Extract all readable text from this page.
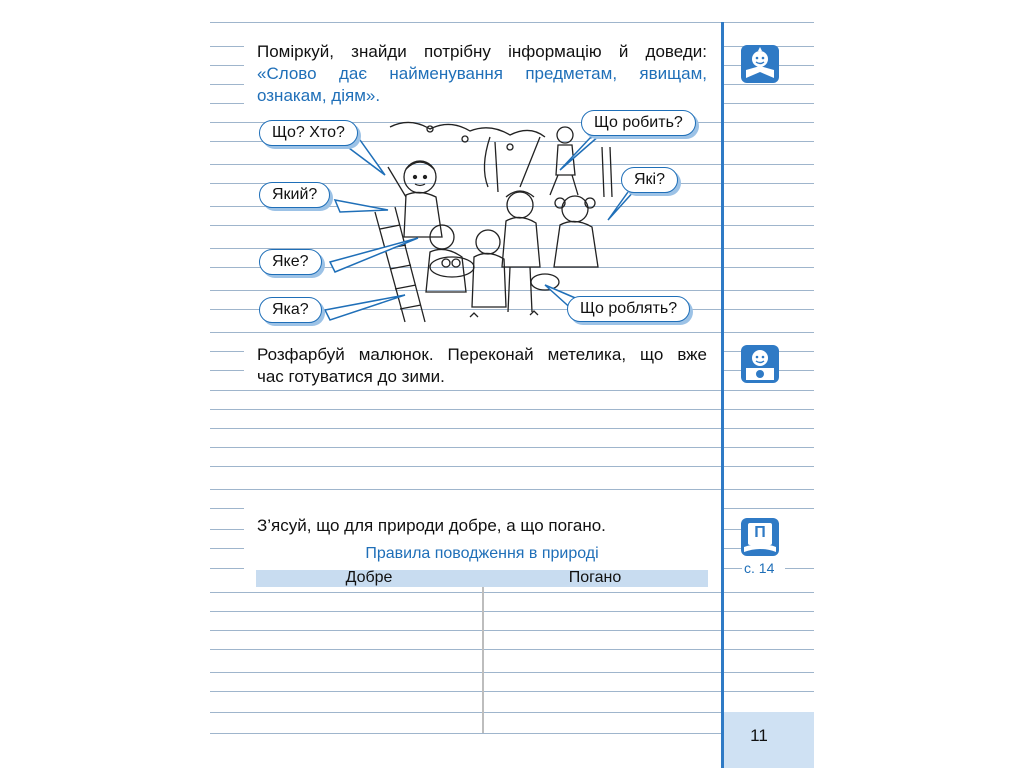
Поміркуй, знайди потрібну інформацію й доведи:
«Слово дає найменування предметам, явищам,
ознакам, діям».
Що? Хто?
Що робить?
Який?
Які?
Яке?
Яка?	Що роблять?
Розфарбуй малюнок. Переконай метелика, що вже
час готуватися до зими.
З’ясуй, що для природи добре, а що погано.	П
с. 14
Правила поводження в природі
Добре	Погано
11
